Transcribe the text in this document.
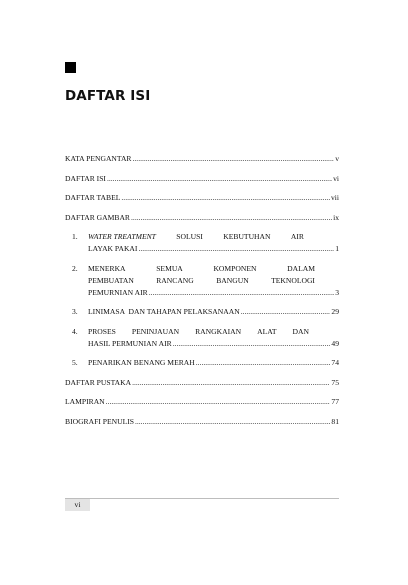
DAFTAR ISI
KATA PENGANTAR .....	v
DAFTAR ISI .....	vi
DAFTAR TABEL .....	vii
DAFTAR GAMBAR .....	ix
1.	WATER TREATMENT	SOLUSI	KEBUTUHAN	AIR
LAYAK PAKAI .....	1
2.	MENERKA	SEMUA	KOMPONEN	DALAM
PEMBUATAN	RANCANG	BANGUN	TEKNOLOGI
PEMURNIAN AIR .....	3
3.	LINIMASA  DAN TAHAPAN PELAKSANAAN .....	29
4.	PROSES PENINJAUAN RANGKAIAN ALAT DAN
HASIL PERMUNIAN AIR .....	49
5.	PENARIKAN BENANG MERAH .....	74
DAFTAR PUSTAKA .....	75
LAMPIRAN .....	77
BIOGRAFI PENULIS .....	81
vi
